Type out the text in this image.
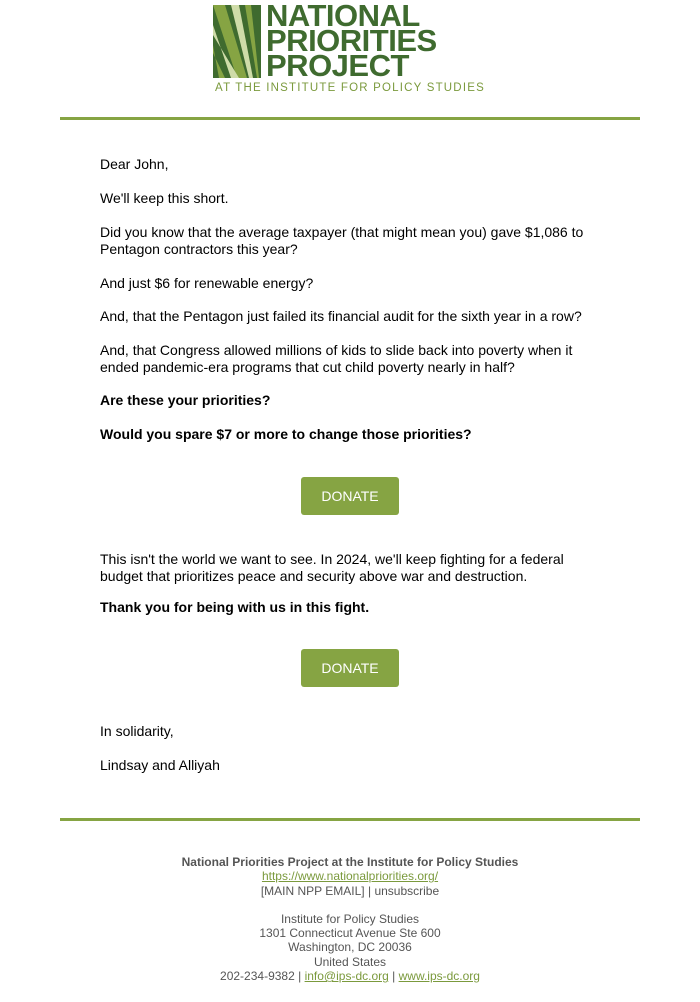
NATIONAL

PRIORITIES

PROJECT

AT THE INSTITUTE FOR POLICY STUDIES

Dear John,

We'll keep this short.

Did you know that the average taxpayer (that might mean you) gave $1,086 to Pentagon contractors this year?

And just $6 for renewable energy?

And, that the Pentagon just failed its financial audit for the sixth year in a row?

And, that Congress allowed millions of kids to slide back into poverty when it ended pandemic-era programs that cut child poverty nearly in half?

Are these your priorities?

Would you spare $7 or more to change those priorities?

DONATE

This isn't the world we want to see. In 2024, we'll keep fighting for a federal budget that prioritizes peace and security above war and destruction.

Thank you for being with us in this fight.

DONATE

In solidarity,

Lindsay and Alliyah

National Priorities Project at the Institute for Policy Studies
https://www.nationalpriorities.org/
[MAIN NPP EMAIL] | unsubscribe
Institute for Policy Studies
1301 Connecticut Avenue Ste 600
Washington, DC 20036
United States
202-234-9382 | info@ips-dc.org | www.ips-dc.org
